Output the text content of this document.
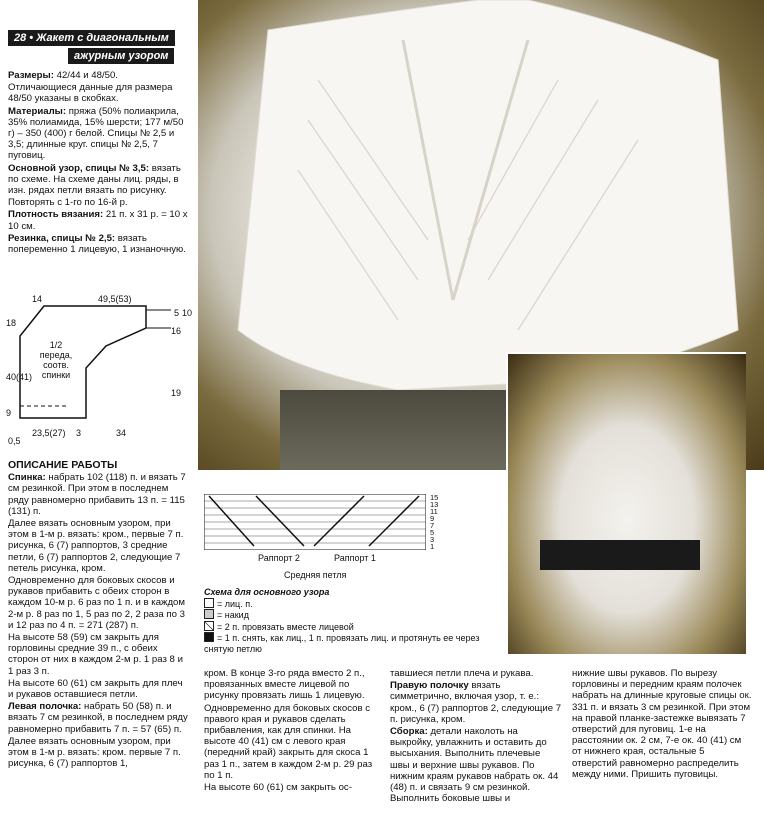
28 • Жакет с диагональным
ажурным узором

Размеры: 42/44 и 48/50.

Отличающиеся данные для размера 48/50 указаны в скобках.

Материалы: пряжа (50% полиакрила, 35% полиамида, 15% шерсти; 177 м/50 г) – 350 (400) г белой. Спицы № 2,5 и 3,5; длинные круг. спицы № 2,5, 7 пуговиц.

Основной узор, спицы № 3,5: вязать по схеме. На схеме даны лиц. ряды, в изн. рядах петли вязать по рисунку.

Повторять с 1-го по 16-й р.

Плотность вязания: 21 п. x 31 р. = 10 x 10 см.

Резинка, спицы № 2,5: вязать попеременно 1 лицевую, 1 изнаночную.

14	49,5(53)
18
40(41)
9
16
19
5 10
23,5(27) 3	34
0,5
1/2 переда, соотв. спинки

ОПИСАНИЕ РАБОТЫ

Спинка: набрать 102 (118) п. и вязать 7 см резинкой. При этом в последнем ряду равномерно прибавить 13 п. = 115 (131) п.

Далее вязать основным узором, при этом в 1-м р. вязать: кром., первые 7 п. рисунка, 6 (7) раппортов, 3 средние петли, 6 (7) раппортов 2, следующие 7 петель рисунка, кром.

Одновременно для боковых скосов и рукавов прибавить с обеих сторон в каждом 10-м р. 6 раз по 1 п. и в каждом 2-м р. 8 раз по 1, 5 раз по 2, 2 раза по 3 и 12 раз по 4 п. = 271 (287) п.

На высоте 58 (59) см закрыть для горловины средние 39 п., с обеих сторон от них в каждом 2-м р. 1 раз 8 и 1 раз 3 п.

На высоте 60 (61) см закрыть для плеч и рукавов оставшиеся петли.

Левая полочка: набрать 50 (58) п. и вязать 7 см резинкой, в последнем ряду равномерно прибавить 7 п. = 57 (65) п.

Далее вязать основным узором, при этом в 1-м р. вязать: кром. первые 7 п. рисунка, 6 (7) раппортов 1,

15
13
11
9
7
5
3
1
Раппорт 2	Раппорт 1
Средняя петля
Схема для основного узора
= лиц. п.
= накид
= 2 п. провязать вместе лицевой
= 1 п. снять, как лиц., 1 п. провязать лиц. и протянуть ее через снятую петлю

кром. В конце 3-го ряда вместо 2 п., провязанных вместе лицевой по рисунку провязать лишь 1 лицевую.

Одновременно для боковых скосов с правого края и рукавов сделать прибавления, как для спинки. На высоте 40 (41) см с левого края (передний край) закрыть для скоса 1 раз 1 п., затем в каждом 2-м р. 29 раз по 1 п.

На высоте 60 (61) см закрыть ос-

тавшиеся петли плеча и рукава.

Правую полочку вязать симметрично, включая узор, т. е.: кром., 6 (7) раппортов 2, следующие 7 п. рисунка, кром.

Сборка: детали наколоть на выкройку, увлажнить и оставить до высыхания. Выполнить плечевые швы и верхние швы рукавов. По нижним краям рукавов набрать ок. 44 (48) п. и связать 9 см резинкой. Выполнить боковые швы и

нижние швы рукавов. По вырезу горловины и передним краям полочек набрать на длинные круговые спицы ок. 331 п. и вязать 3 см резинкой. При этом на правой планке-застежке вывязать 7 отверстий для пуговиц. 1-е на расстоянии ок. 2 см, 7-е ок. 40 (41) см от нижнего края, остальные 5 отверстий равномерно распределить между ними. Пришить пуговицы.
